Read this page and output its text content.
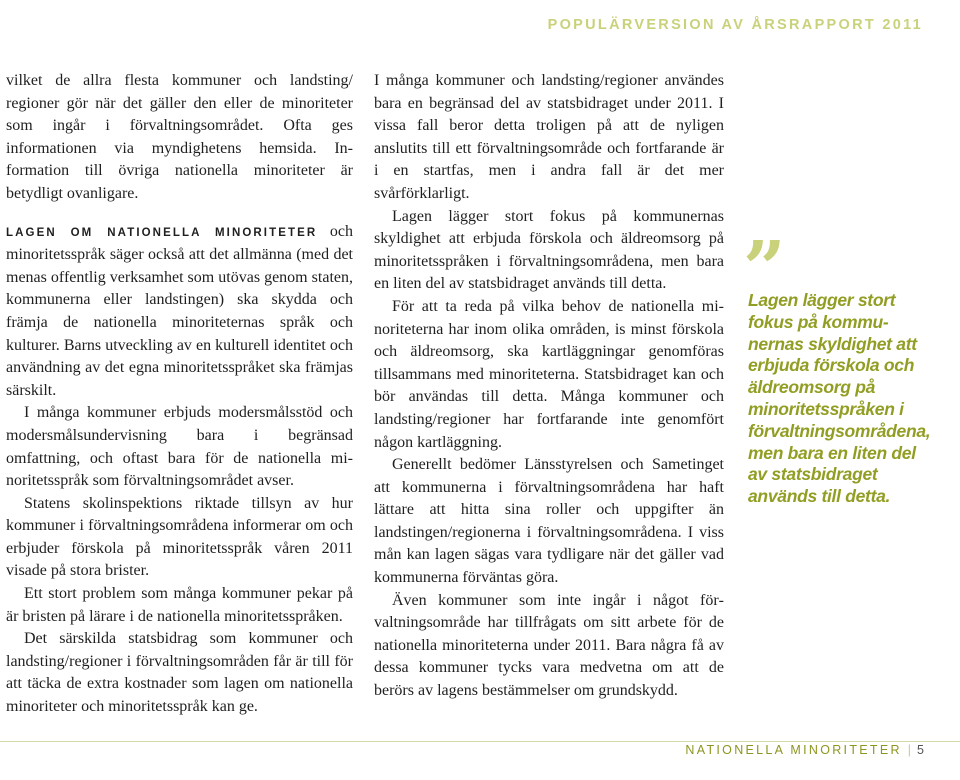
POPULÄRVERSION AV ÅRSRAPPORT 2011

vilket de allra flesta kommuner och landsting/ regioner gör när det gäller den eller de minoriteter som ingår i förvaltningsområdet. Ofta ges informationen via myndighetens hemsida. Information till övriga nationella minoriteter är betydligt ovanligare.

LAGEN OM NATIONELLA MINORITETER och minoritetsspråk säger också att det allmänna (med det menas offentlig verksamhet som utövas genom staten, kommunerna eller landstingen) ska skydda och främja de nationella minoriteternas språk och kulturer. Barns utveckling av en kulturell identitet och användning av det egna minoritetsspråket ska främjas särskilt.

I många kommuner erbjuds modersmålsstöd och modersmålsundervisning bara i begränsad omfattning, och oftast bara för de nationella minoritetsspråk som förvaltningsområdet avser.

Statens skolinspektions riktade tillsyn av hur kommuner i förvaltningsområdena informerar om och erbjuder förskola på minoritetsspråk våren 2011 visade på stora brister.

Ett stort problem som många kommuner pekar på är bristen på lärare i de nationella minoritetsspråken.

Det särskilda statsbidrag som kommuner och landsting/regioner i förvaltningsområden får är till för att täcka de extra kostnader som lagen om nationella minoriteter och minoritetsspråk kan ge.

I många kommuner och landsting/regioner användes bara en begränsad del av statsbidraget under 2011. I vissa fall beror detta troligen på att de nyligen anslutits till ett förvaltningsområde och fortfarande är i en startfas, men i andra fall är det mer svårförklarligt.

Lagen lägger stort fokus på kommunernas skyldighet att erbjuda förskola och äldreomsorg på minoritetsspråken i förvaltningsområdena, men bara en liten del av statsbidraget används till detta.

För att ta reda på vilka behov de nationella minoriteterna har inom olika områden, is minst förskola och äldreomsorg, ska kartläggningar genomföras tillsammans med minoriteterna. Statsbidraget kan och bör användas till detta. Många kommuner och landsting/regioner har fortfarande inte genomfört någon kartläggning.

Generellt bedömer Länsstyrelsen och Sametinget att kommunerna i förvaltningsområdena har haft lättare att hitta sina roller och uppgifter än landstingen/regionerna i förvaltningsområdena. I viss mån kan lagen sägas vara tydligare när det gäller vad kommunerna förväntas göra.

Även kommuner som inte ingår i något förvaltningsområde har tillfrågats om sitt arbete för de nationella minoriteterna under 2011. Bara några få av dessa kommuner tycks vara medvetna om att de berörs av lagens bestämmelser om grundskydd.

”
Lagen lägger stort fokus på kommunernas skyldighet att erbjuda förskola och äldreomsorg på minoritetsspråken i förvaltningsområdena, men bara en liten del av statsbidraget används till detta.
NATIONELLA MINORITETER | 5
